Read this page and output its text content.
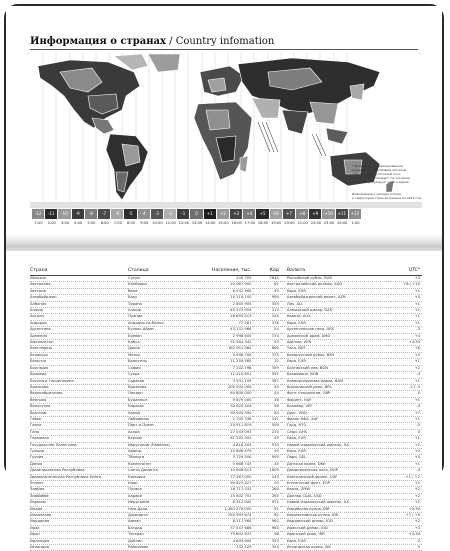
Информация о странах / Country infomation
* Всемирное координированное
время (англ. Coordinated Universal
Time, фр. Temps Universel Coor-
donné, UTC) – стандарт, по которому
общество регулирует часы и время.
Информация о часовых поясах
и территории стран актуальна на 2015 год.
-12	-11	-10	-9	-8	-7	-6	-5	-4	-3	-2	-1	0	+1	+2	+3	+4	+5	+6	+7	+8	+9	+10	+11	+12
1:00	2:00	3:00	4:00	5:00	6:00	7:00	8:00	9:00	10:00 11:00 12:00 13:00 14:00 15:00 16:00 17:00 18:00 19:00 20:00 21:00 22:00 23:00 24:00	1:00
Страна	Столица	Население, тыс.	Код	Валюта	UTC*
Абхазия	Сухум	240 705	7840	Российский рубль, RUB	+3
Австралия	Канберра	20 067 900	61	Австралийский доллар, AUD	+8 / +10
Австрия	Вена	8 032 900	43	Евро, EUR	+1
Азербайджан	Баку	10 119 100	994	Азербайджанский манат, AZN	+4
Албания	Тирана	2 845 955	355	Лек, ALL	+1
Алжир	Алжир	40 375 954	213	Алжирский динар, DZD	+1
Ангола	Луанда	26 655 513	244	Кванза, AOA	+1
Андорра	Андорра-ла-Велья	77 281	376	Евро, EUR	+1
Аргентина	Буэнос-Айрес	43 131 966	54	Аргентинское песо, ARS	-3
Армения	Ереван	2 998 600	374	Армянский драм, AMD	+4
Афганистан	Кабул	32 564 342	93	Афгани, AFN	+4:30
Бангладеш	Дакка	162 951 560	880	Така, BDT	+6
Беларусь	Минск	9 498 700	375	Белорусский рубль, BYN	+3
Бельгия	Брюссель	11 250 585	32	Евро, EUR	+1
Болгария	София	7 202 198	359	Болгарский лев, BGN	+2
Боливия	Сукре	11 410 651	591	Боливиано, BOB	-4
Босния и Герцеговина	Сараево	3 531 159	387	Конвертируемая марка, BAM	+1
Бразилия	Бразилиа	205 002 000	55	Бразильский реал, BRL	-2 / -5
Великобритания	Лондон	64 800 000	44	Фунт стерлингов, GBP	0
Венгрия	Будапешт	9 879 000	36	Форинт, HUF	+1
Венесуэла	Каракас	30 620 404	58	Боливар, VEF	-4
Вьетнам	Ханой	90 549 390	84	Донг, VND	+7
Габон	Либревиль	1 705 336	241	Франк КФА, XAF	+1
Гаити	Порт-о-Пренс	10 911 819	509	Гурд, HTG	-5
Гана	Аккра	27 043 093	233	Седи, GHS	0
Германия	Берлин	81 292 400	49	Евро, EUR	+1
Государство Палестина	Иерусалим (Рамалла)	4 816 503	970	Новый израильский шекель, ILS	+2
Греция	Афины	10 846 979	30	Евро, EUR	+2
Грузия	Тбилиси	3 729 500	995	Лари, GEL	+4
Дания	Копенгаген	5 668 743	45	Датская крона, DKK	+1
Доминиканская Республика	Санто-Доминго	10 648 613	1809	Доминиканское песо, DOP	-4
Демократическая Республика Конго	Киншаса	77 267 000	243	Конголезский франк, CDF	+1 / +2
Египет	Каир	90 623 427	20	Египетский фунт, EGP	+2
Замбия	Лусака	16 717 332	260	Квача, ZMW	+2
Зимбабве	Хараре	15 602 751	263	Доллар США, USD	+2
Израиль	Иерусалим	8 412 000	972	Новый израильский шекель, ILS	+2
Индия	Нью-Дели	1 283 370 000	91	Индийская рупия, INR	+5:30
Индонезия	Джакарта	255 993 674	62	Индонезийская рупия, IDR	+7 / +9
Иордания	Амман	8 117 564	962	Иорданский динар, JOD	+2
Ирак	Багдад	37 547 686	964	Иракский динар, IQD	+3
Иран	Тегеран	79 602 637	98	Иранский риал, IRR	+3:30
Ирландия	Дублин	4 609 600	353	Евро, EUR	0
Исландия	Рейкьявик	332 529	354	Исландская крона, ISK	0
